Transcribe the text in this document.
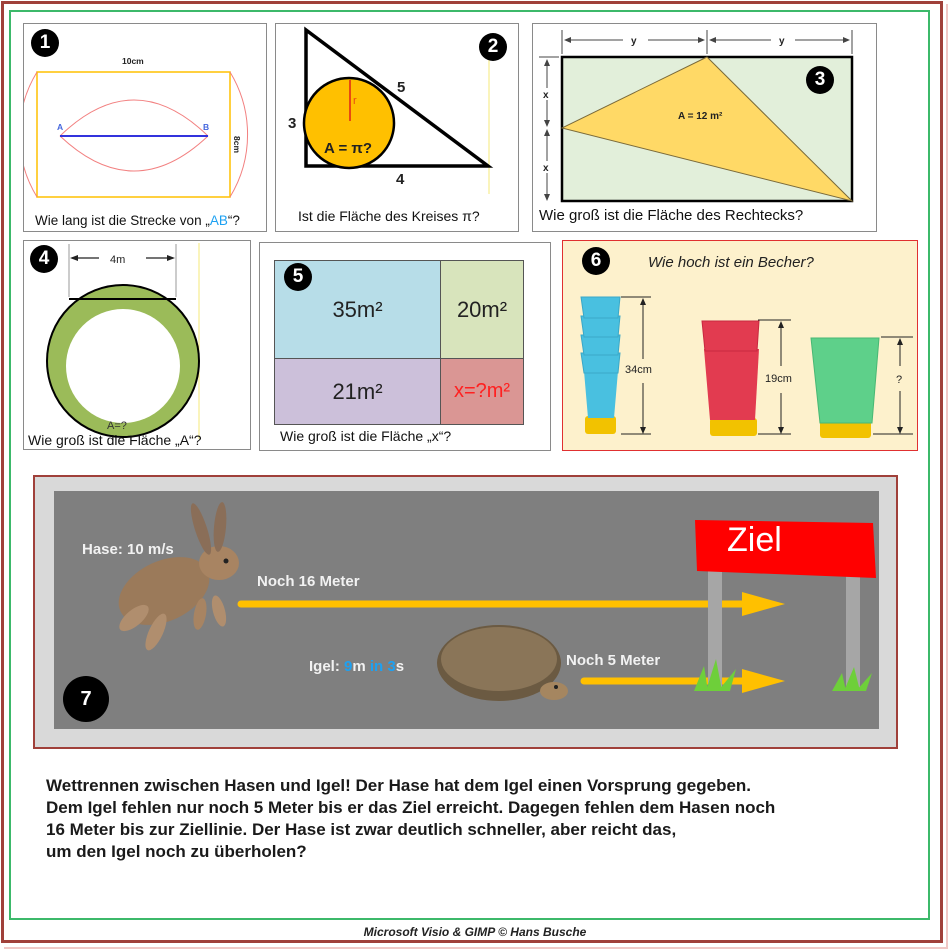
1
10cm
8cm
A	B
Wie lang ist die Strecke von „AB“?
r
A = π?
3
4
5
2
Ist die Fläche des Kreises π?
y	y
x
x
A = 12 m²
3
Wie groß ist die Fläche des Rechtecks?
4m
A=?
4
Wie groß ist die Fläche „A“?
35m²	20m²
21m²	x=?m²
5
Wie groß ist die Fläche „x“?
6	Wie hoch ist ein Becher?
34cm
19cm	?
Ziel
Hase: 10 m/s
Noch 16 Meter
Igel: 9m in 3s	Noch 5 Meter
7
Wettrennen zwischen Hasen und Igel! Der Hase hat dem Igel einen Vorsprung gegeben.
Dem Igel fehlen nur noch 5 Meter bis er das Ziel erreicht. Dagegen fehlen dem Hasen noch
16 Meter bis zur Ziellinie. Der Hase ist zwar deutlich schneller, aber reicht das,
um den Igel noch zu überholen?
Microsoft Visio & GIMP © Hans Busche
